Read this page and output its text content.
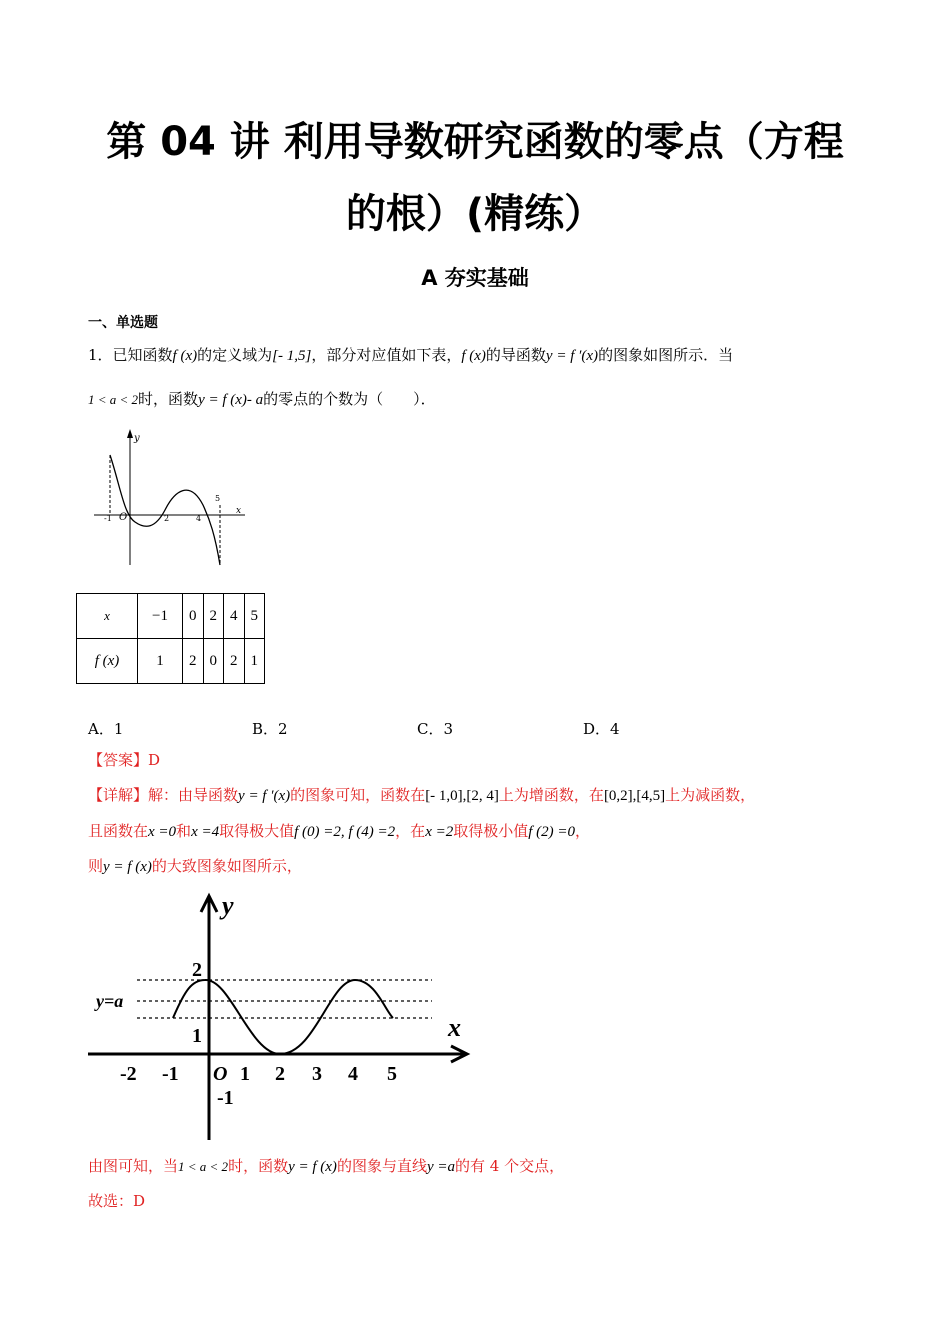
第 04 讲 利用导数研究函数的零点（方程
的根）(精练）
A 夯实基础
一、单选题
1．已知函数f (x)的定义域为[- 1,5]，部分对应值如下表，f (x)的导函数y = f ′(x)的图象如图所示．当
1 < a < 2时，函数y = f (x)- a的零点的个数为（　　）．
y
x
O
-1	2	4
5
x	−1	0	2	4	5
f (x)	1	2	0	2	1
A．1	B．2	C．3	D．4
【答案】D
【详解】解：由导函数y = f ′(x)的图象可知，函数在[- 1,0],[2, 4]上为增函数，在[0,2],[4,5]上为减函数，
且函数在x =0和x =4取得极大值f (0) =2, f (4) =2，在x =2取得极小值f (2) =0，
则y = f (x)的大致图象如图所示，
y
x
O
y=a
2
1
-1
-2 -1	1 2 3 4 5
由图可知，当1 < a < 2时，函数y = f (x)的图象与直线y =a的有 4 个交点，
故选：D
